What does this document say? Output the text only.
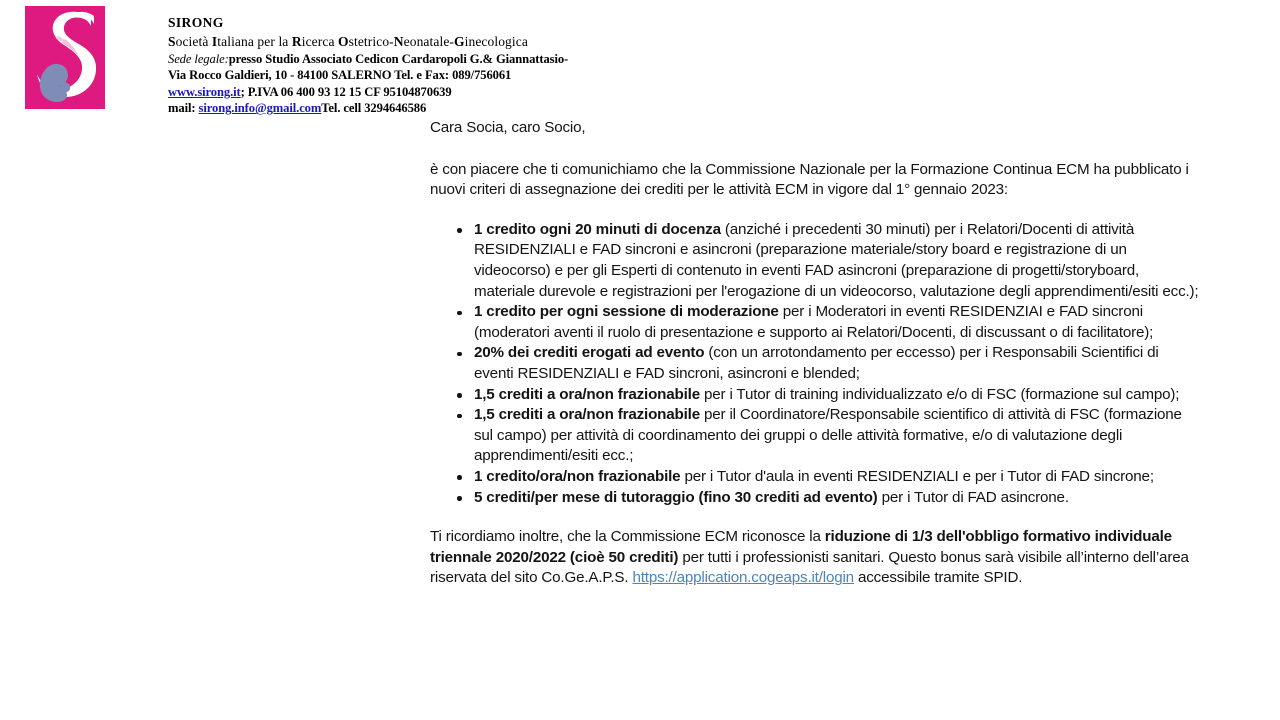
SIRONG
Società Italiana per la Ricerca Ostetrico-Neonatale-Ginecologica
Sede legale:presso Studio Associato Cedicon Cardaropoli G.& Giannattasio-
Via Rocco Galdieri, 10 - 84100 SALERNO Tel. e Fax: 089/756061
www.sirong.it; P.IVA 06 400 93 12 15 CF 95104870639
mail: sirong.info@gmail.comTel. cell 3294646586

Cara Socia, caro Socio,

è con piacere che ti comunichiamo che la Commissione Nazionale per la Formazione Continua ECM ha pubblicato i nuovi criteri di assegnazione dei crediti per le attività ECM in vigore dal 1° gennaio 2023:

1 credito ogni 20 minuti di docenza (anziché i precedenti 30 minuti) per i Relatori/Docenti di attività RESIDENZIALI e FAD sincroni e asincroni (preparazione materiale/story board e registrazione di un videocorso) e per gli Esperti di contenuto in eventi FAD asincroni (preparazione di progetti/storyboard, materiale durevole e registrazioni per l'erogazione di un videocorso, valutazione degli apprendimenti/esiti ecc.);
1 credito per ogni sessione di moderazione per i Moderatori in eventi RESIDENZIAI e FAD sincroni (moderatori aventi il ruolo di presentazione e supporto ai Relatori/Docenti, di discussant o di facilitatore);
20% dei crediti erogati ad evento (con un arrotondamento per eccesso) per i Responsabili Scientifici di eventi RESIDENZIALI e FAD sincroni, asincroni e blended;
1,5 crediti a ora/non frazionabile per i Tutor di training individualizzato e/o di FSC (formazione sul campo);
1,5 crediti a ora/non frazionabile per il Coordinatore/Responsabile scientifico di attività di FSC (formazione sul campo) per attività di coordinamento dei gruppi o delle attività formative, e/o di valutazione degli apprendimenti/esiti ecc.;
1 credito/ora/non frazionabile per i Tutor d'aula in eventi RESIDENZIALI e per i Tutor di FAD sincrone;
5 crediti/per mese di tutoraggio (fino 30 crediti ad evento) per i Tutor di FAD asincrone.

Ti ricordiamo inoltre, che la Commissione ECM riconosce la riduzione di 1/3 dell'obbligo formativo individuale triennale 2020/2022 (cioè 50 crediti) per tutti i professionisti sanitari. Questo bonus sarà visibile all’interno dell’area riservata del sito Co.Ge.A.P.S. https://application.cogeaps.it/login accessibile tramite SPID.
